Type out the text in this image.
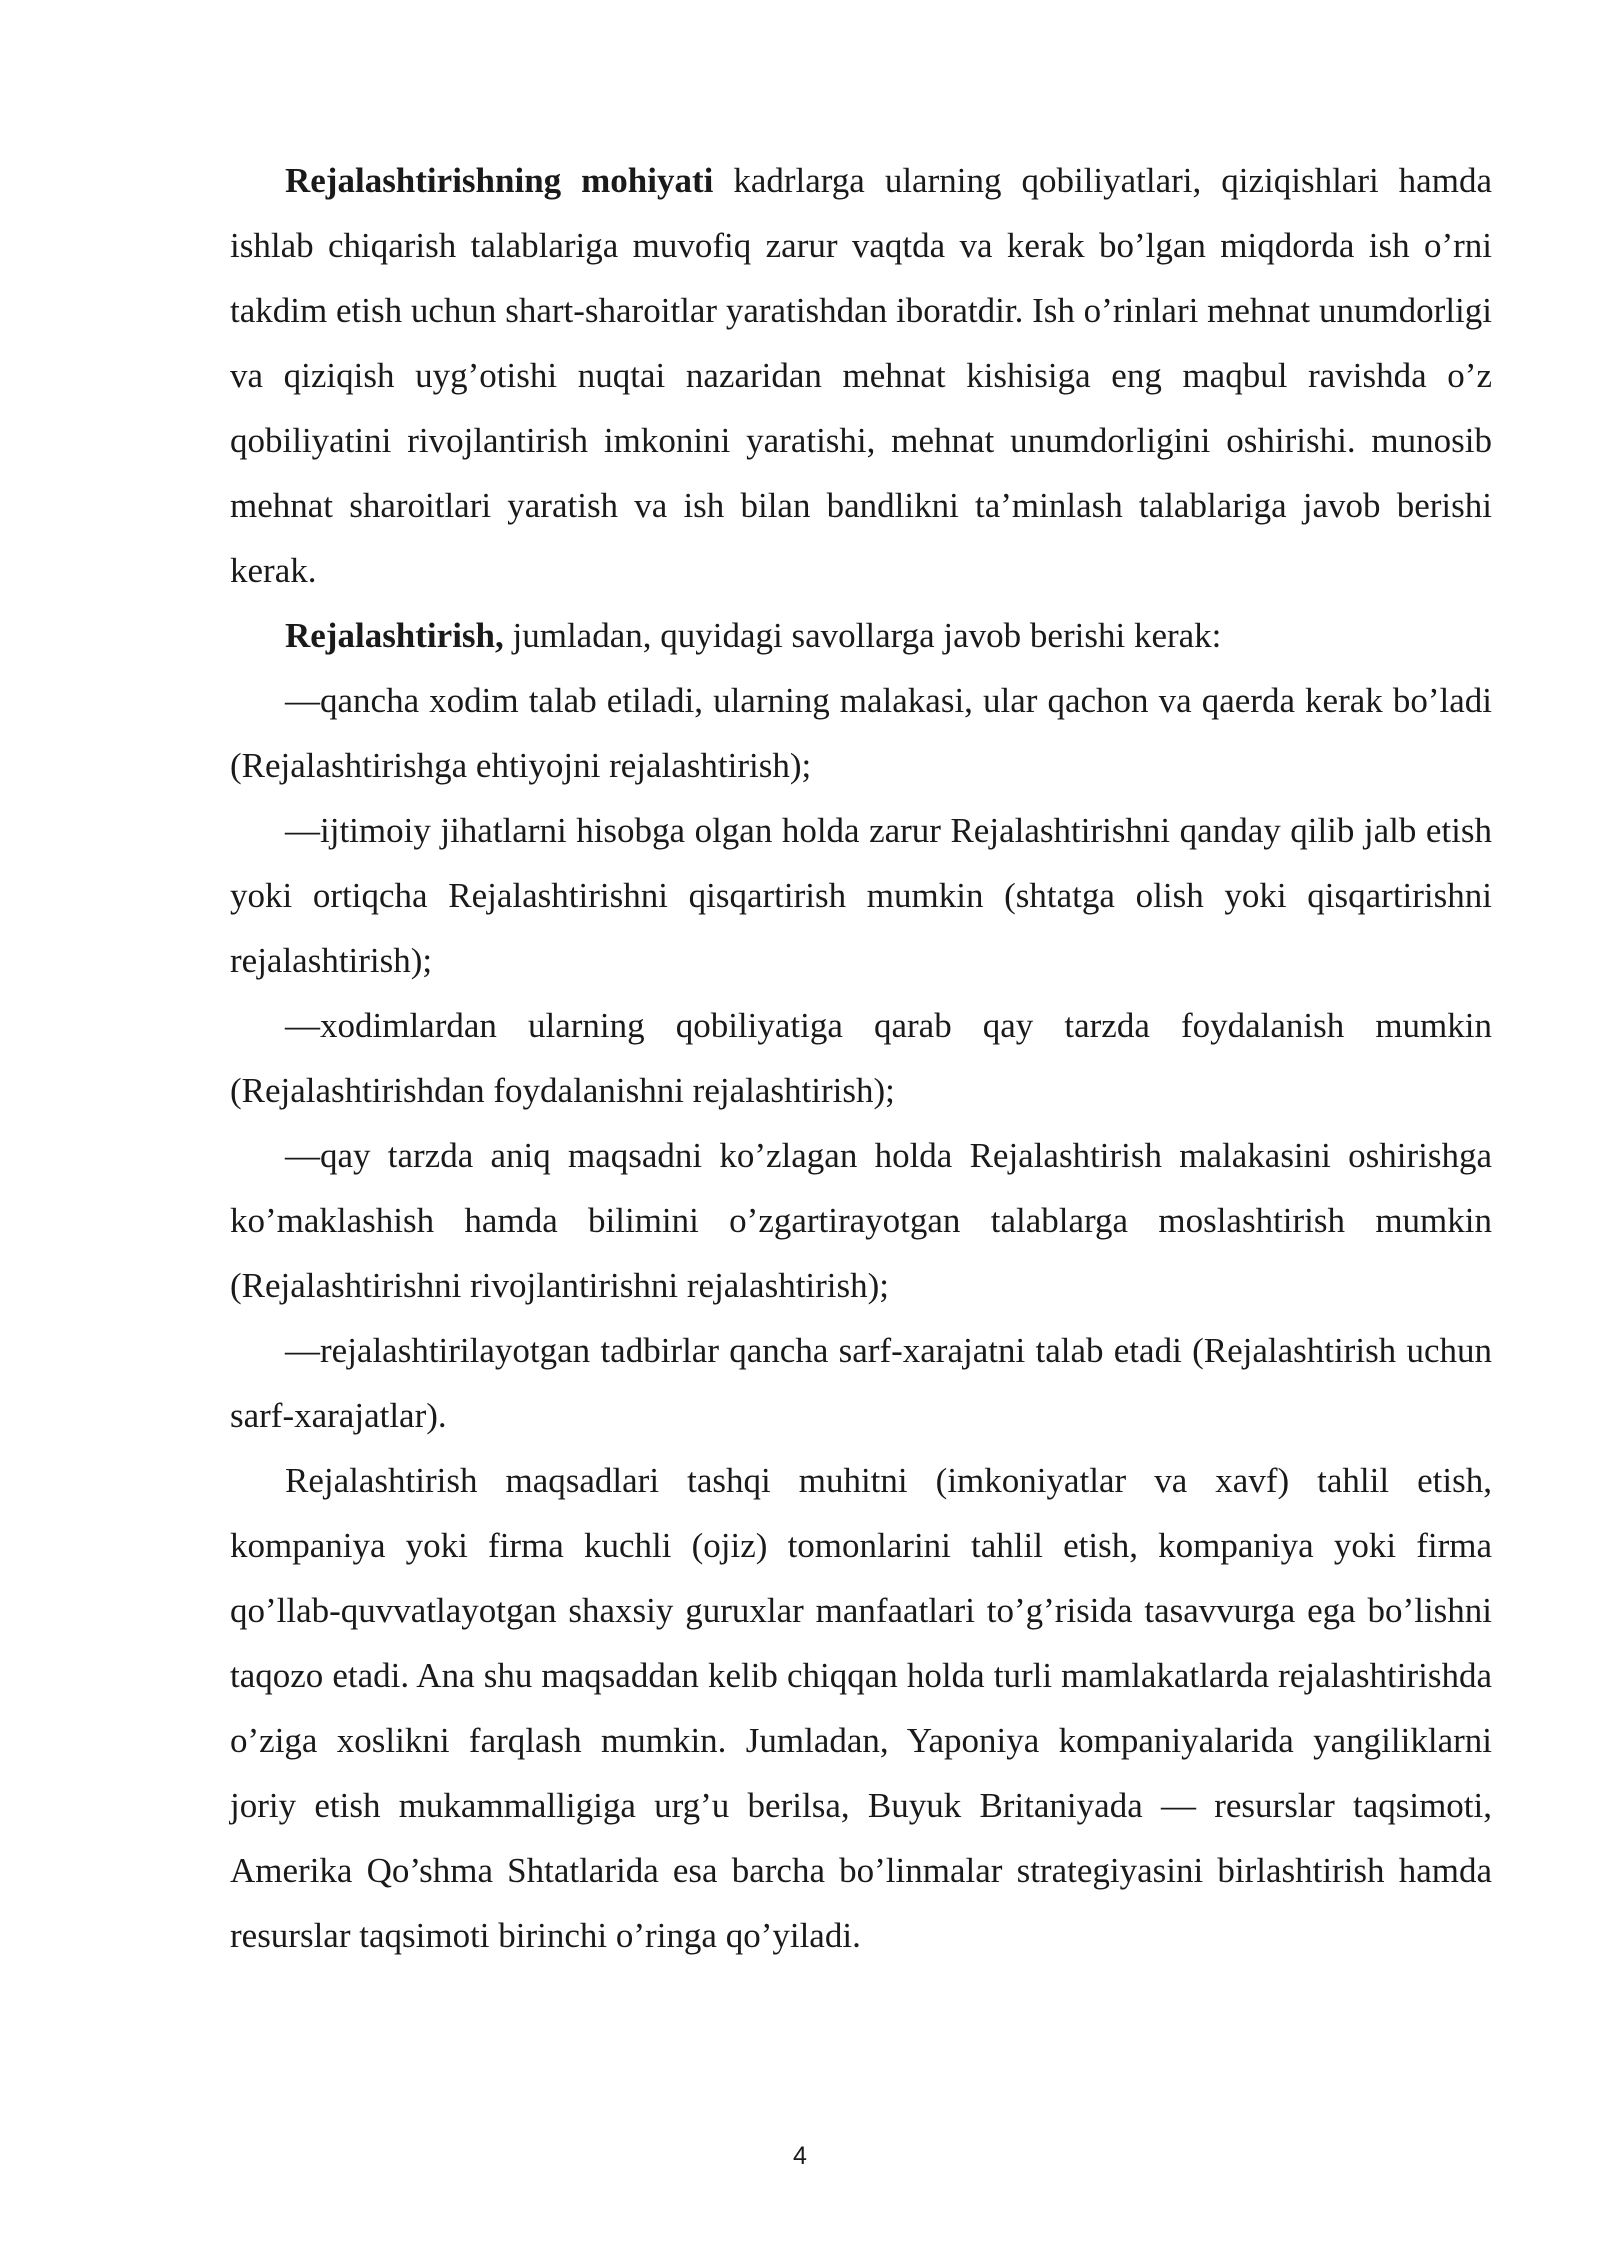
Rejalashtirishning mohiyati kadrlarga ularning qobiliyatlari, qiziqishlari hamda ishlab chiqarish talablariga muvofiq zarur vaqtda va kerak bo’lgan miqdorda ish o’rni takdim etish uchun shart-sharoitlar yaratishdan iboratdir. Ish o’rinlari mehnat unumdorligi va qiziqish uyg’otishi nuqtai nazaridan mehnat kishisiga eng maqbul ravishda o’z qobiliyatini rivojlantirish imkonini yaratishi, mehnat unumdorligini oshirishi. munosib mehnat sharoitlari yaratish va ish bilan bandlikni ta’minlash talablariga javob berishi kerak.

Rejalashtirish, jumladan, quyidagi savollarga javob berishi kerak:

—qancha xodim talab etiladi, ularning malakasi, ular qachon va qaerda kerak bo’ladi (Rejalashtirishga ehtiyojni rejalashtirish);

—ijtimoiy jihatlarni hisobga olgan holda zarur Rejalashtirishni qanday qilib jalb etish yoki ortiqcha Rejalashtirishni qisqartirish mumkin (shtatga olish yoki qisqartirishni rejalashtirish);

—xodimlardan ularning qobiliyatiga qarab qay tarzda foydalanish mumkin (Rejalashtirishdan foydalanishni rejalashtirish);

—qay tarzda aniq maqsadni ko’zlagan holda Rejalashtirish malakasini oshirishga ko’maklashish hamda bilimini o’zgartirayotgan talablarga moslashtirish mumkin (Rejalashtirishni rivojlantirishni rejalashtirish);

—rejalashtirilayotgan tadbirlar qancha sarf-xarajatni talab etadi (Rejalashtirish uchun sarf-xarajatlar).

Rejalashtirish maqsadlari tashqi muhitni (imkoniyatlar va xavf) tahlil etish, kompaniya yoki firma kuchli (ojiz) tomonlarini tahlil etish, kompaniya yoki firma qo’llab-quvvatlayotgan shaxsiy guruxlar manfaatlari to’g’risida tasavvurga ega bo’lishni taqozo etadi. Ana shu maqsaddan kelib chiqqan holda turli mamlakatlarda rejalashtirishda o’ziga xoslikni farqlash mumkin. Jumladan, Yaponiya kompaniyalarida yangiliklarni joriy etish mukammalligiga urg’u berilsa, Buyuk Britaniyada — resurslar taqsimoti, Amerika Qo’shma Shtatlarida esa barcha bo’linmalar strategiyasini birlashtirish hamda resurslar taqsimoti birinchi o’ringa qo’yiladi.

4
